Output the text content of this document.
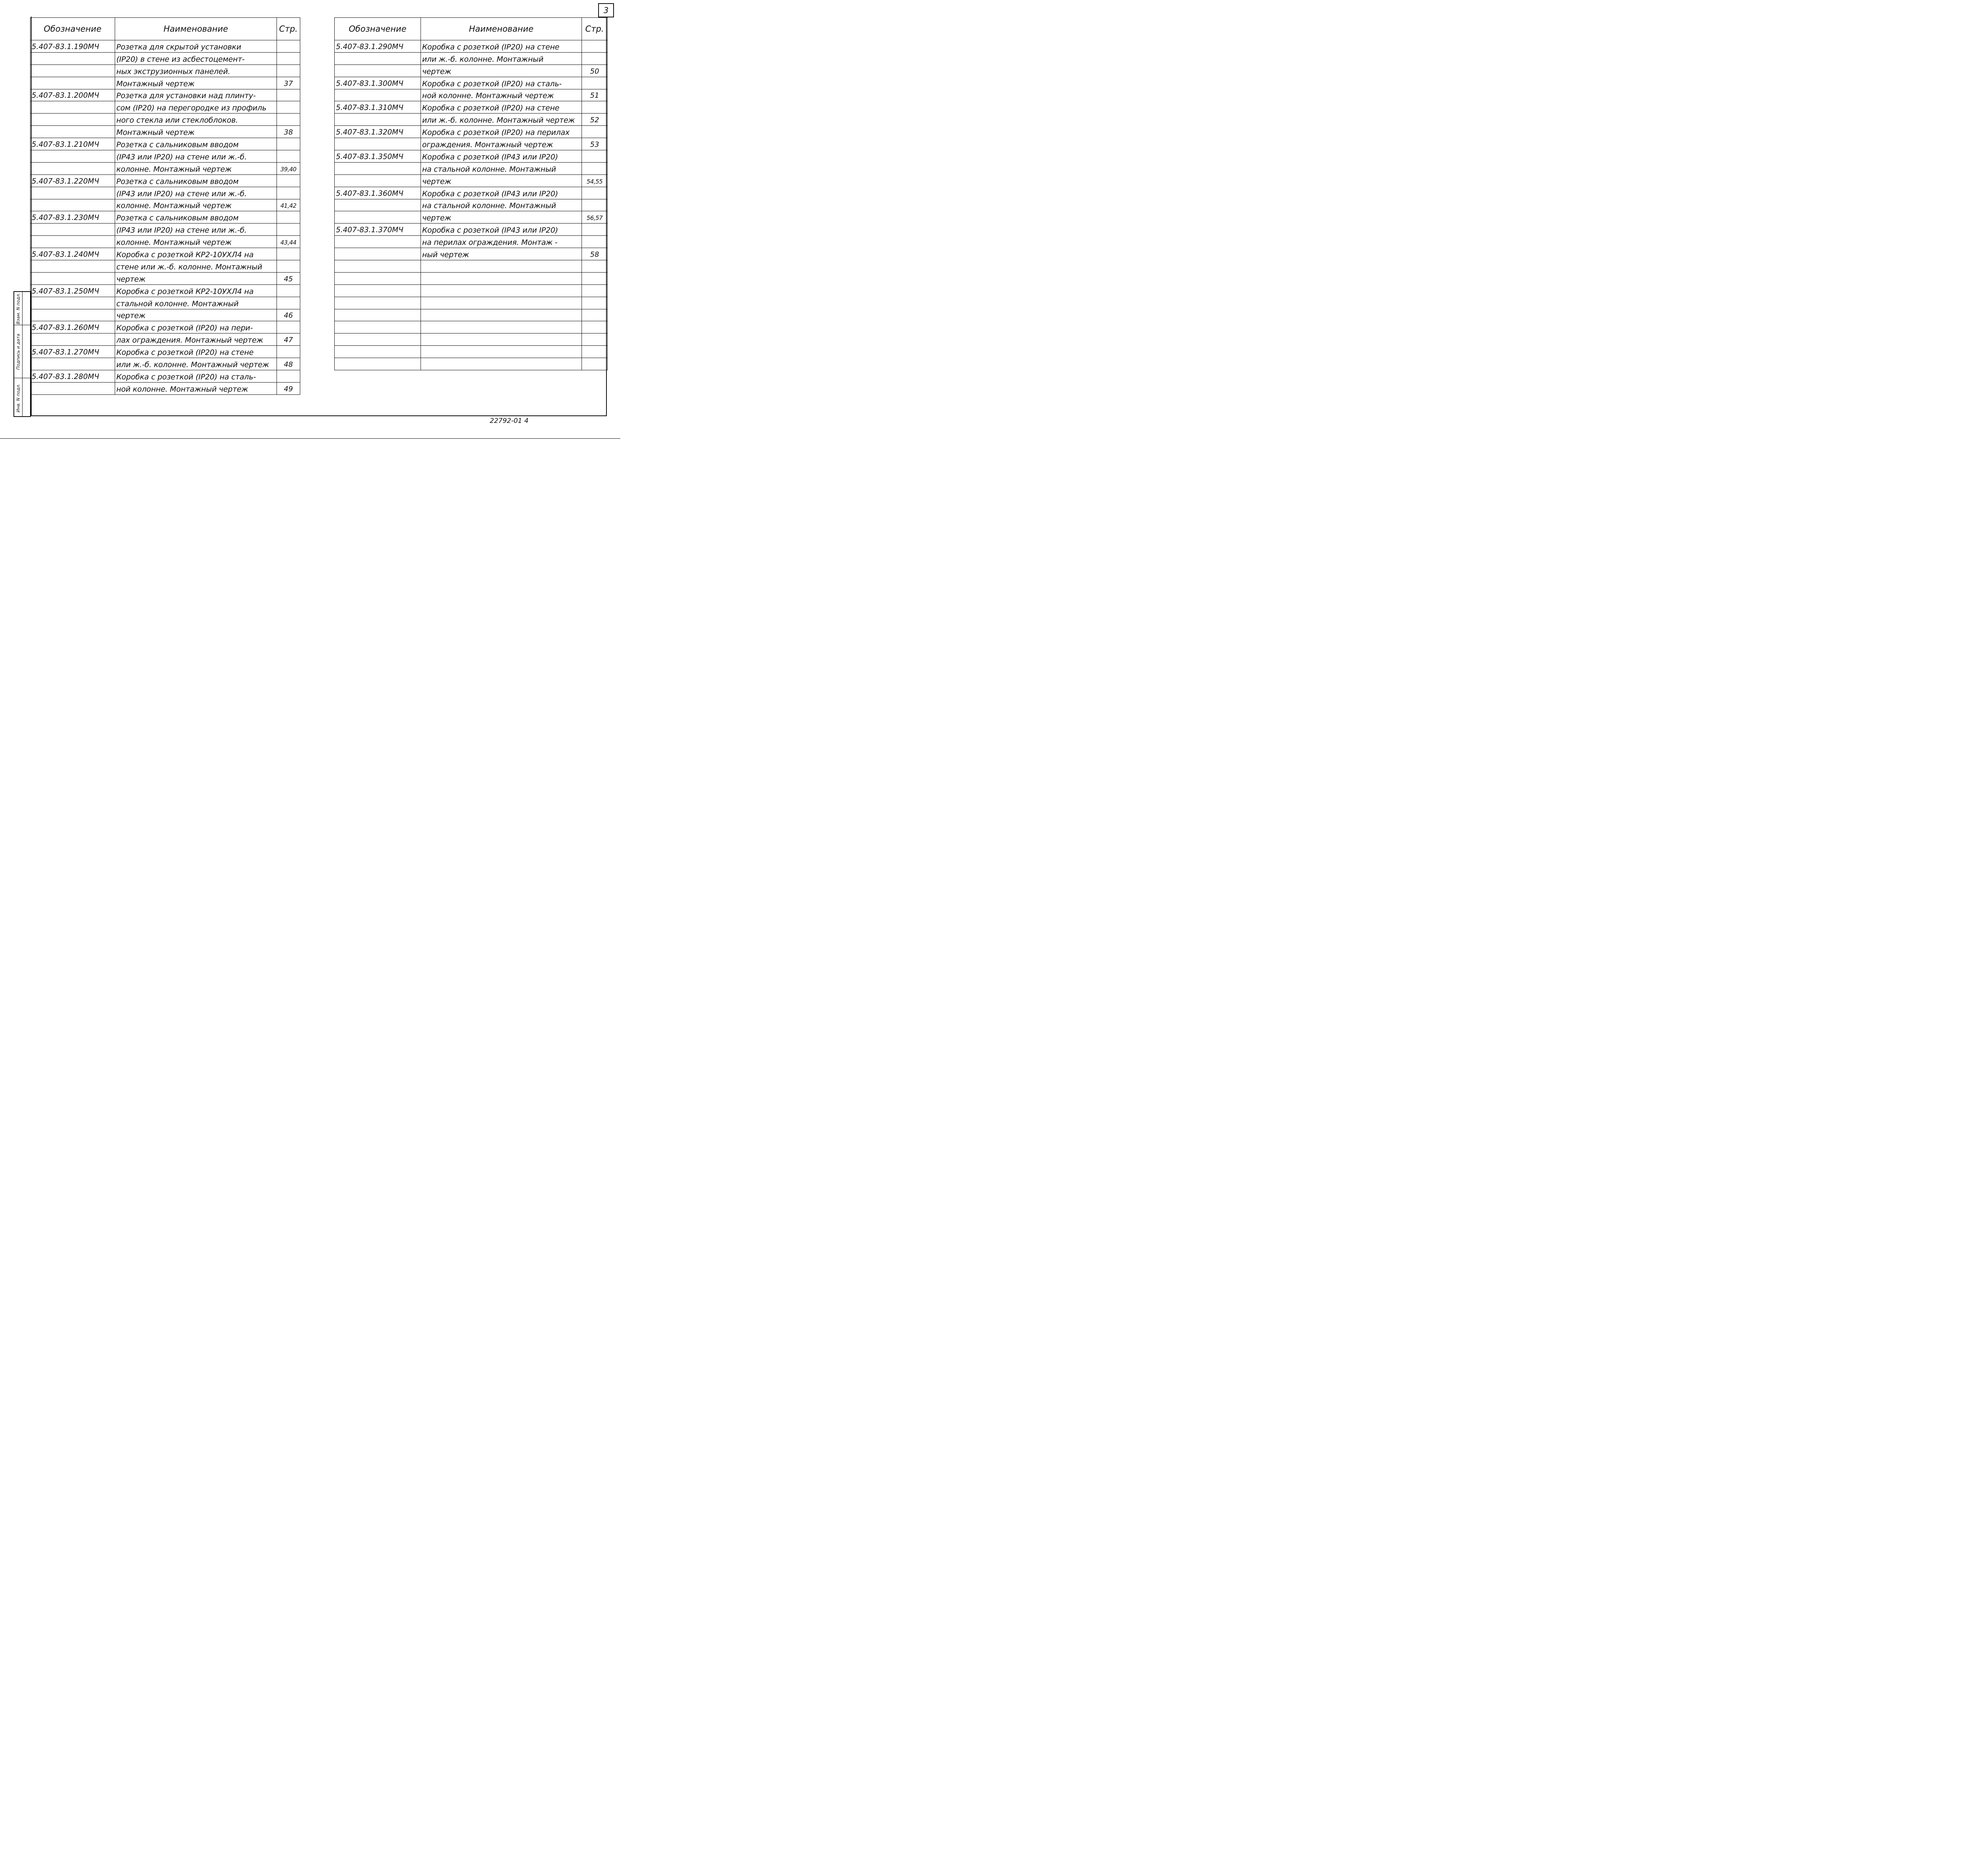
3
Обозначение	Наименование	Стр.
5.407-83.1.190МЧ	Розетка для скрытой установки	
	(IP20) в стене из асбестоцемент-	
	ных экструзионных панелей.	
	Монтажный чертеж	37
5.407-83.1.200МЧ	Розетка для установки над плинту-	
	сом (IP20) на перегородке из профиль	
	ного стекла или стеклоблоков.	
	Монтажный чертеж	38
5.407-83.1.210МЧ	Розетка с сальниковым вводом	
	(IP43 или IP20) на стене или ж.-б.	
	колонне. Монтажный чертеж	39,40
5.407-83.1.220МЧ	Розетка с сальниковым вводом	
	(IP43 или IP20) на стене или ж.-б.	
	колонне. Монтажный чертеж	41,42
5.407-83.1.230МЧ	Розетка с сальниковым вводом	
	(IP43 или IP20) на стене или ж.-б.	
	колонне. Монтажный чертеж	43,44
5.407-83.1.240МЧ	Коробка с розеткой КР2-10УХЛ4 на	
	стене или ж.-б. колонне. Монтажный	
	чертеж	45
5.407-83.1.250МЧ	Коробка с розеткой КР2-10УХЛ4 на	
	стальной колонне. Монтажный	
	чертеж	46
5.407-83.1.260МЧ	Коробка с розеткой (IP20) на пери-	
	лах ограждения. Монтажный чертеж	47
5.407-83.1.270МЧ	Коробка с розеткой (IP20) на стене	
	или ж.-б. колонне. Монтажный чертеж	48
5.407-83.1.280МЧ	Коробка с розеткой (IP20) на сталь-	
	ной колонне. Монтажный чертеж	49
Обозначение	Наименование	Стр.
5.407-83.1.290МЧ	Коробка с розеткой (IP20) на стене	
	или ж.-б. колонне. Монтажный	
	чертеж	50
5.407-83.1.300МЧ	Коробка с розеткой (IP20) на сталь-	
	ной колонне. Монтажный чертеж	51
5.407-83.1.310МЧ	Коробка с розеткой (IP20) на стене	
	или ж.-б. колонне. Монтажный чертеж	52
5.407-83.1.320МЧ	Коробка с розеткой (IP20) на перилах	
	ограждения. Монтажный чертеж	53
5.407-83.1.350МЧ	Коробка с розеткой (IP43 или IP20)	
	на стальной колонне. Монтажный	
	чертеж	54,55
5.407-83.1.360МЧ	Коробка с розеткой (IP43 или IP20)	
	на стальной колонне. Монтажный	
	чертеж	56,57
5.407-83.1.370МЧ	Коробка с розеткой (IP43 или IP20)	
	на перилах ограждения. Монтаж -	
	ный чертеж	58

Взам. N подл.
Подпись и дата
Инв. N подл.
22792-01 4
